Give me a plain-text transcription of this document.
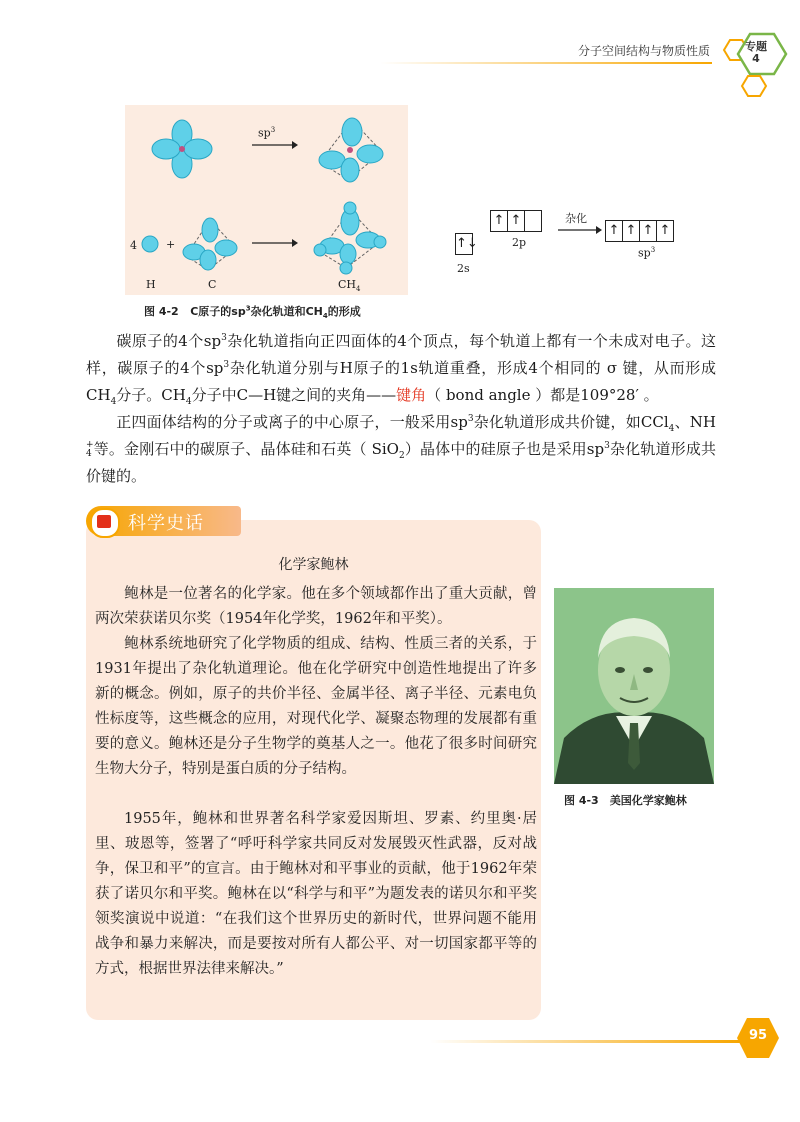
分子空间结构与物质性质	专题
4
$sp^3$
4	+
H	C	$CH_4$
↑↓
2s
↑ ↑
2p
杂化
↑ ↑ ↑ ↑
$sp^3$
图 4-2 C原子的$sp^3$杂化轨道和$CH_4$的形成
碳原子的4个$sp^3$杂化轨道指向正四面体的4个顶点，每个轨道上都有一个未成对电子。这样，碳原子的4个$sp^3$杂化轨道分别与H原子的1s轨道重叠，形成4个相同的 σ 键，从而形成$CH_4$分子。$CH_4$分子中C—H键之间的夹角——键角（ bond angle ）都是109°28′ 。
正四面体结构的分子或离子的中心原子，一般采用$sp^3$杂化轨道形成共价键，如CCl$_4$、NH
+
4 等。金刚石中的碳原子、晶体硅和石英（ SiO$_2$）晶体中的硅原子也是采用$sp^3$杂化轨道形成共价键的。
科学史话
化学家鲍林
鲍林是一位著名的化学家。他在多个领域都作出了重大贡献，曾两次荣获诺贝尔奖（1954年化学奖，1962年和平奖）。
鲍林系统地研究了化学物质的组成、结构、性质三者的关系，于1931年提出了杂化轨道理论。他在化学研究中创造性地提出了许多新的概念。例如，原子的共价半径、金属半径、离子半径、元素电负性标度等，这些概念的应用，对现代化学、凝聚态物理的发展都有重要的意义。鲍林还是分子生物学的奠基人之一。他花了很多时间研究生物大分子，特别是蛋白质的分子结构。
1955年，鲍林和世界著名科学家爱因斯坦、罗素、约里奥·居里、玻恩等，签署了“呼吁科学家共同反对发展毁灭性武器，反对战争，保卫和平”的宣言。由于鲍林对和平事业的贡献，他于1962年荣获了诺贝尔和平奖。鲍林在以“科学与和平”为题发表的诺贝尔和平奖领奖演说中说道：“在我们这个世界历史的新时代，世界问题不能用战争和暴力来解决，而是要按对所有人都公平、对一切国家都平等的方式，根据世界法律来解决。”
图 4-3　美国化学家鲍林
95
